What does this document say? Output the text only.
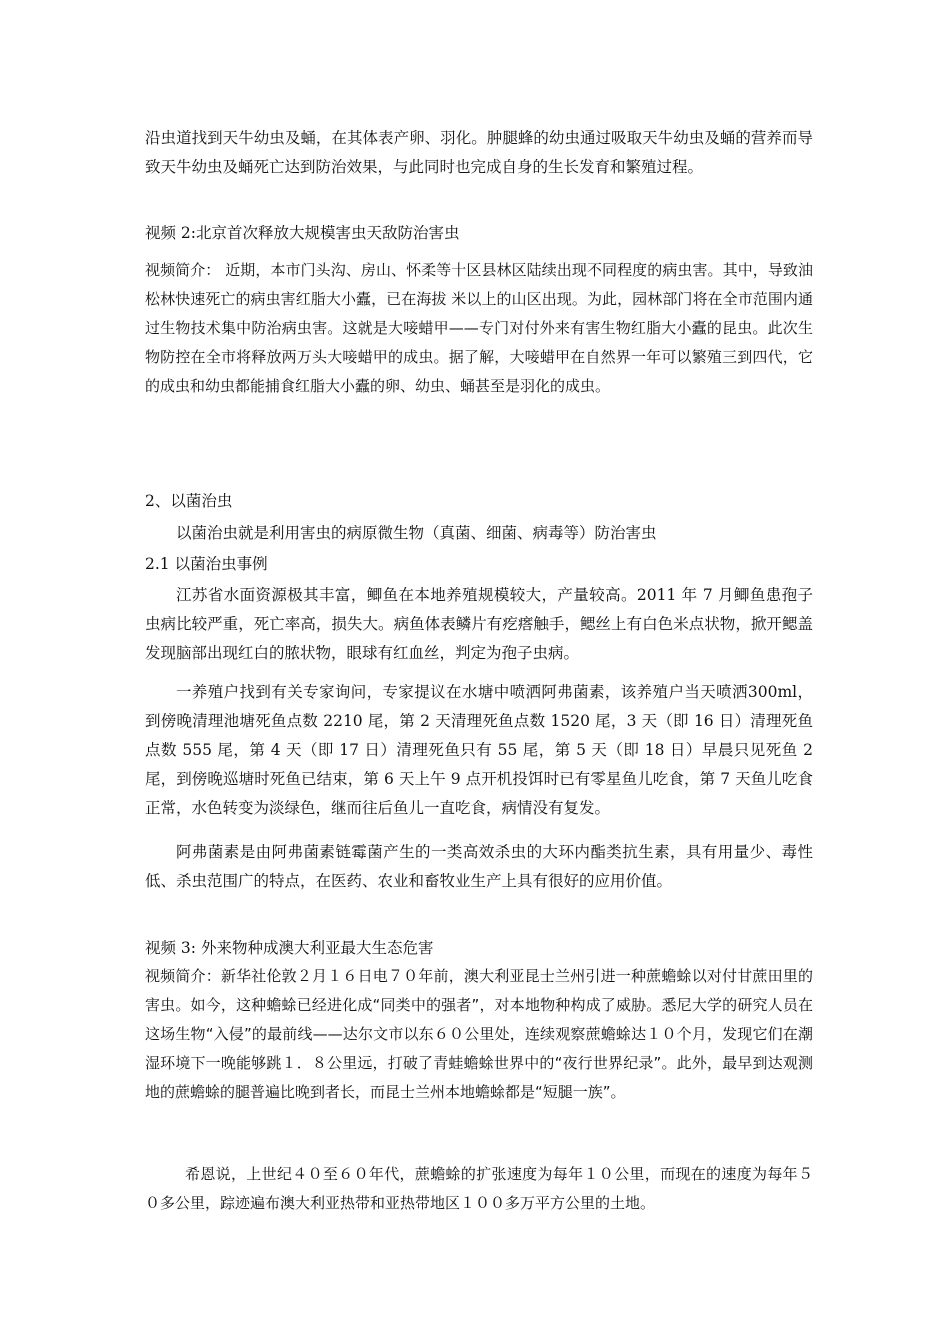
沿虫道找到天牛幼虫及蛹，在其体表产卵、羽化。肿腿蜂的幼虫通过吸取天牛幼虫及蛹的营养而导致天牛幼虫及蛹死亡达到防治效果，与此同时也完成自身的生长发育和繁殖过程。

视频 2:北京首次释放大规模害虫天敌防治害虫

视频简介： 近期，本市门头沟、房山、怀柔等十区县林区陆续出现不同程度的病虫害。其中，导致油松林快速死亡的病虫害红脂大小蠹，已在海拔 米以上的山区出现。为此，园林部门将在全市范围内通过生物技术集中防治病虫害。这就是大唼蜡甲——专门对付外来有害生物红脂大小蠹的昆虫。此次生物防控在全市将释放两万头大唼蜡甲的成虫。据了解，大唼蜡甲在自然界一年可以繁殖三到四代，它的成虫和幼虫都能捕食红脂大小蠹的卵、幼虫、蛹甚至是羽化的成虫。

2、以菌治虫

以菌治虫就是利用害虫的病原微生物（真菌、细菌、病毒等）防治害虫

2.1 以菌治虫事例

江苏省水面资源极其丰富，鲫鱼在本地养殖规模较大，产量较高。2011 年 7 月鲫鱼患孢子虫病比较严重，死亡率高，损失大。病鱼体表鳞片有疙瘩触手，鳃丝上有白色米点状物，掀开鳃盖发现脑部出现红白的脓状物，眼球有红血丝，判定为孢子虫病。

一养殖户找到有关专家询问，专家提议在水塘中喷洒阿弗菌素，该养殖户当天喷洒300ml，到傍晚清理池塘死鱼点数 2210 尾，第 2 天清理死鱼点数 1520 尾，3 天（即 16 日）清理死鱼点数 555 尾，第 4 天（即 17 日）清理死鱼只有 55 尾，第 5 天（即 18 日）早晨只见死鱼 2 尾，到傍晚巡塘时死鱼已结束，第 6 天上午 9 点开机投饵时已有零星鱼儿吃食，第 7 天鱼儿吃食正常，水色转变为淡绿色，继而往后鱼儿一直吃食，病情没有复发。

阿弗菌素是由阿弗菌素链霉菌产生的一类高效杀虫的大环内酯类抗生素，具有用量少、毒性低、杀虫范围广的特点，在医药、农业和畜牧业生产上具有很好的应用价值。

视频 3: 外来物种成澳大利亚最大生态危害

视频简介：新华社伦敦２月１６日电７０年前，澳大利亚昆士兰州引进一种蔗蟾蜍以对付甘蔗田里的害虫。如今，这种蟾蜍已经进化成“同类中的强者”，对本地物种构成了威胁。悉尼大学的研究人员在这场生物“入侵”的最前线——达尔文市以东６０公里处，连续观察蔗蟾蜍达１０个月，发现它们在潮湿环境下一晚能够跳１．８公里远，打破了青蛙蟾蜍世界中的“夜行世界纪录”。此外，最早到达观测地的蔗蟾蜍的腿普遍比晚到者长，而昆士兰州本地蟾蜍都是“短腿一族”。

希恩说，上世纪４０至６０年代，蔗蟾蜍的扩张速度为每年１０公里，而现在的速度为每年５０多公里，踪迹遍布澳大利亚热带和亚热带地区１００多万平方公里的土地。
